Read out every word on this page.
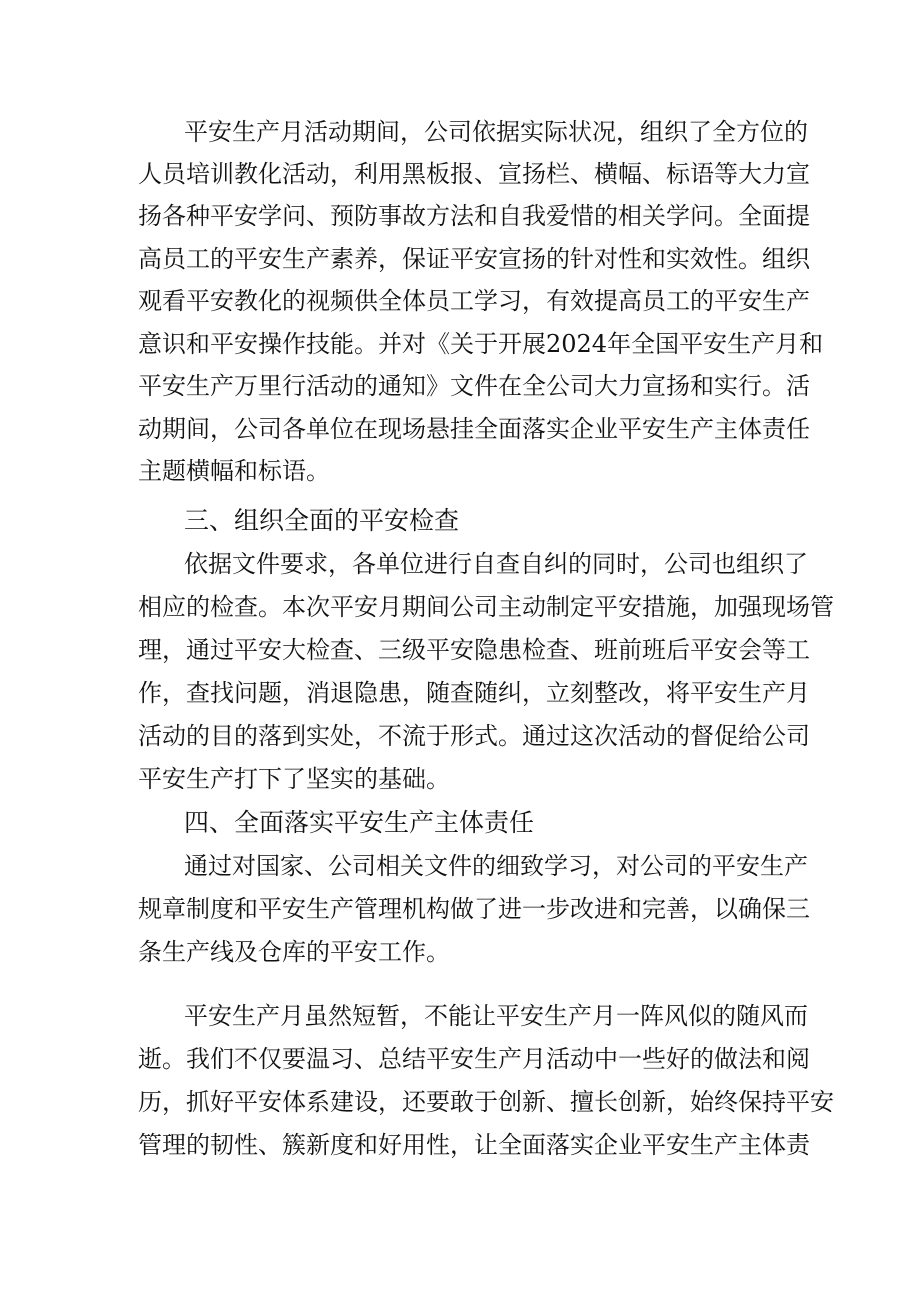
平安生产月活动期间，公司依据实际状况，组织了全方位的
人员培训教化活动，利用黑板报、宣扬栏、横幅、标语等大力宣
扬各种平安学问、预防事故方法和自我爱惜的相关学问。全面提
高员工的平安生产素养，保证平安宣扬的针对性和实效性。组织
观看平安教化的视频供全体员工学习，有效提高员工的平安生产
意识和平安操作技能。并对《关于开展2024年全国平安生产月和
平安生产万里行活动的通知》文件在全公司大力宣扬和实行。活
动期间，公司各单位在现场悬挂全面落实企业平安生产主体责任
主题横幅和标语。
三、组织全面的平安检查
依据文件要求，各单位进行自查自纠的同时，公司也组织了
相应的检查。本次平安月期间公司主动制定平安措施，加强现场管
理，通过平安大检查、三级平安隐患检查、班前班后平安会等工
作，查找问题，消退隐患，随查随纠，立刻整改，将平安生产月
活动的目的落到实处，不流于形式。通过这次活动的督促给公司
平安生产打下了坚实的基础。
四、全面落实平安生产主体责任
通过对国家、公司相关文件的细致学习，对公司的平安生产
规章制度和平安生产管理机构做了进一步改进和完善，以确保三
条生产线及仓库的平安工作。
平安生产月虽然短暂，不能让平安生产月一阵风似的随风而
逝。我们不仅要温习、总结平安生产月活动中一些好的做法和阅
历，抓好平安体系建设，还要敢于创新、擅长创新，始终保持平安
管理的韧性、簇新度和好用性，让全面落实企业平安生产主体责
